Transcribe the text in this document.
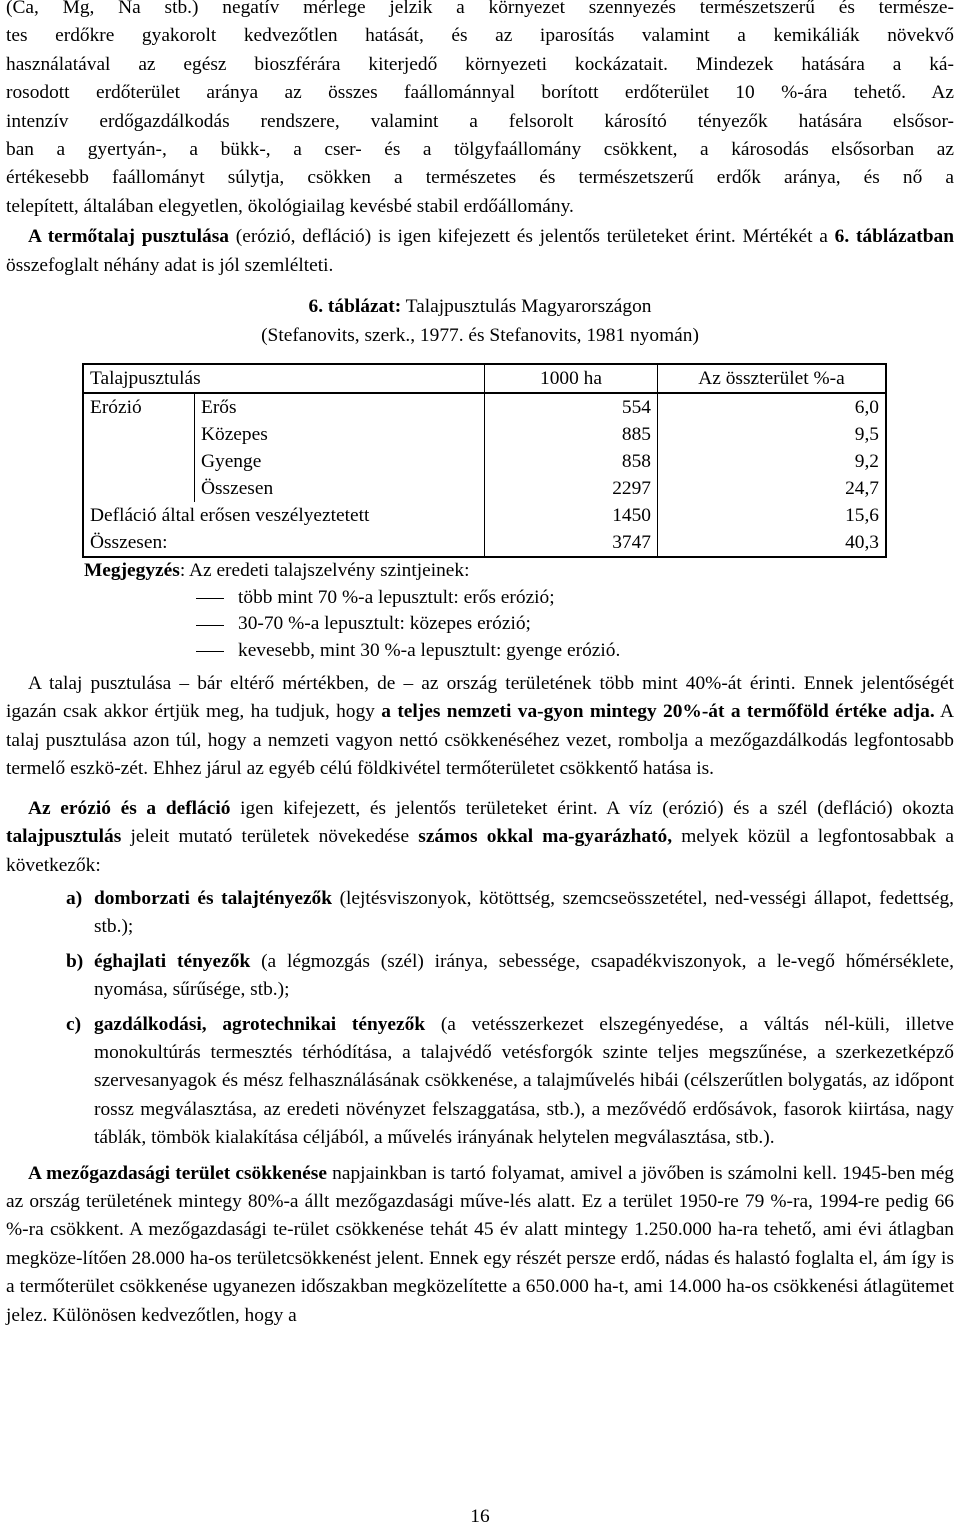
(Ca, Mg, Na stb.) negatív mérlege jelzik a környezet szennyezés természetszerű és természe-
tes erdőkre gyakorolt kedvezőtlen hatását, és az iparosítás valamint a kemikáliák növekvő
használatával az egész bioszférára kiterjedő környezeti kockázatait. Mindezek hatására a ká-
rosodott erdőterület aránya az összes faállománnyal borított erdőterület 10 %-ára tehető. Az
intenzív erdőgazdálkodás rendszere, valamint a felsorolt károsító tényezők hatására elsősor-
ban a gyertyán-, a bükk-, a cser- és a tölgyfaállomány csökkent, a károsodás elsősorban az
értékesebb faállományt súlytja, csökken a természetes és természetszerű erdők aránya, és nő a
telepített, általában elegyetlen, ökológiailag kevésbé stabil erdőállomány.

A termőtalaj pusztulása (erózió, defláció) is igen kifejezett és jelentős területeket érint. Mértékét a 6. táblázatban összefoglalt néhány adat is jól szemlélteti.

6. táblázat: Talajpusztulás Magyarországon

(Stefanovits, szerk., 1977. és Stefanovits, 1981 nyomán)

Talajpusztulás		1000 ha	Az összterület %-a
Erózió	Erős	554	6,0
	Közepes	885	9,5
	Gyenge	858	9,2
	Összesen	2297	24,7
Defláció által erősen veszélyeztetett		1450	15,6
Összesen:		3747	40,3
Megjegyzés: Az eredeti talajszelvény szintjeinek:
több mint 70 %-a lepusztult: erős erózió;
30-70 %-a lepusztult: közepes erózió;
kevesebb, mint 30 %-a lepusztult: gyenge erózió.

A talaj pusztulása – bár eltérő mértékben, de – az ország területének több mint 40%-át érinti. Ennek jelentőségét igazán csak akkor értjük meg, ha tudjuk, hogy a teljes nemzeti va-gyon mintegy 20%-át a termőföld értéke adja. A talaj pusztulása azon túl, hogy a nemzeti vagyon nettó csökkenéséhez vezet, rombolja a mezőgazdálkodás legfontosabb termelő eszkö-zét. Ehhez járul az egyéb célú földkivétel termőterületet csökkentő hatása is.

Az erózió és a defláció igen kifejezett, és jelentős területeket érint. A víz (erózió) és a szél (defláció) okozta talajpusztulás jeleit mutató területek növekedése számos okkal ma-gyarázható, melyek közül a legfontosabbak a következők:

a) domborzati és talajtényezők (lejtésviszonyok, kötöttség, szemcseösszetétel, ned-vességi állapot, fedettség, stb.);
b) éghajlati tényezők (a légmozgás (szél) iránya, sebessége, csapadékviszonyok, a le-vegő hőmérséklete, nyomása, sűrűsége, stb.);
c) gazdálkodási, agrotechnikai tényezők (a vetésszerkezet elszegényedése, a váltás nél-küli, illetve monokultúrás termesztés térhódítása, a talajvédő vetésforgók szinte teljes megszűnése, a szerkezetképző szervesanyagok és mész felhasználásának csökkenése, a talajművelés hibái (célszerűtlen bolygatás, az időpont rossz megválasztása, az eredeti növényzet felszaggatása, stb.), a mezővédő erdősávok, fasorok kiirtása, nagy táblák, tömbök kialakítása céljából, a művelés irányának helytelen megválasztása, stb.).

A mezőgazdasági terület csökkenése napjainkban is tartó folyamat, amivel a jövőben is számolni kell. 1945-ben még az ország területének mintegy 80%-a állt mezőgazdasági műve-lés alatt. Ez a terület 1950-re 79 %-ra, 1994-re pedig 66 %-ra csökkent. A mezőgazdasági te-rület csökkenése tehát 45 év alatt mintegy 1.250.000 ha-ra tehető, ami évi átlagban megköze-lítően 28.000 ha-os területcsökkenést jelent. Ennek egy részét persze erdő, nádas és halastó foglalta el, ám így is a termőterület csökkenése ugyanezen időszakban megközelítette a 650.000 ha-t, ami 14.000 ha-os csökkenési átlagütemet jelez. Különösen kedvezőtlen, hogy a

16
